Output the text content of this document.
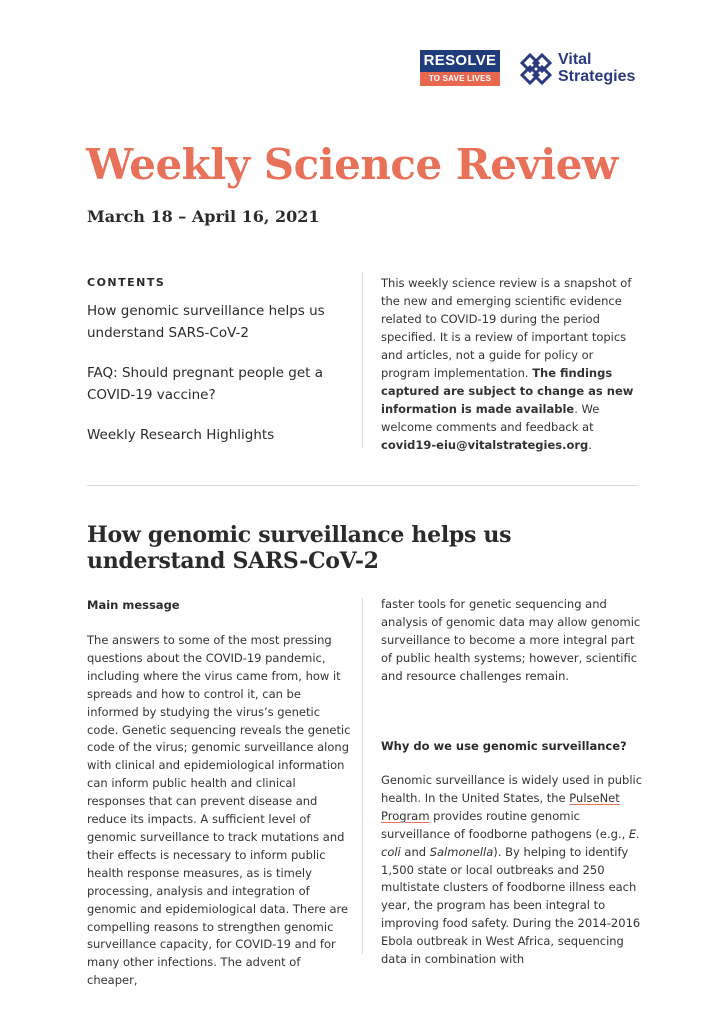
RESOLVE
TO SAVE LIVES
Vital
Strategies
Weekly Science Review
March 18 – April 16, 2021
CONTENTS
How genomic surveillance helps us understand SARS-CoV-2
FAQ: Should pregnant people get a COVID-19 vaccine?
Weekly Research Highlights
This weekly science review is a snapshot of the new and emerging scientific evidence related to COVID-19 during the period specified. It is a review of important topics and articles, not a guide for policy or program implementation. The findings captured are subject to change as new information is made available. We welcome comments and feedback at covid19-eiu@vitalstrategies.org.
How genomic surveillance helps us understand SARS-CoV-2
Main message
The answers to some of the most pressing questions about the COVID-19 pandemic, including where the virus came from, how it spreads and how to control it, can be informed by studying the virus’s genetic code. Genetic sequencing reveals the genetic code of the virus; genomic surveillance along with clinical and epidemiological information can inform public health and clinical responses that can prevent disease and reduce its impacts. A sufficient level of genomic surveillance to track mutations and their effects is necessary to inform public health response measures, as is timely processing, analysis and integration of genomic and epidemiological data. There are compelling reasons to strengthen genomic surveillance capacity, for COVID-19 and for many other infections. The advent of cheaper,
faster tools for genetic sequencing and analysis of genomic data may allow genomic surveillance to become a more integral part of public health systems; however, scientific and resource challenges remain.
Why do we use genomic surveillance?
Genomic surveillance is widely used in public health. In the United States, the PulseNet Program provides routine genomic surveillance of foodborne pathogens (e.g., E. coli and Salmonella). By helping to identify 1,500 state or local outbreaks and 250 multistate clusters of foodborne illness each year, the program has been integral to improving food safety. During the 2014-2016 Ebola outbreak in West Africa, sequencing data in combination with
